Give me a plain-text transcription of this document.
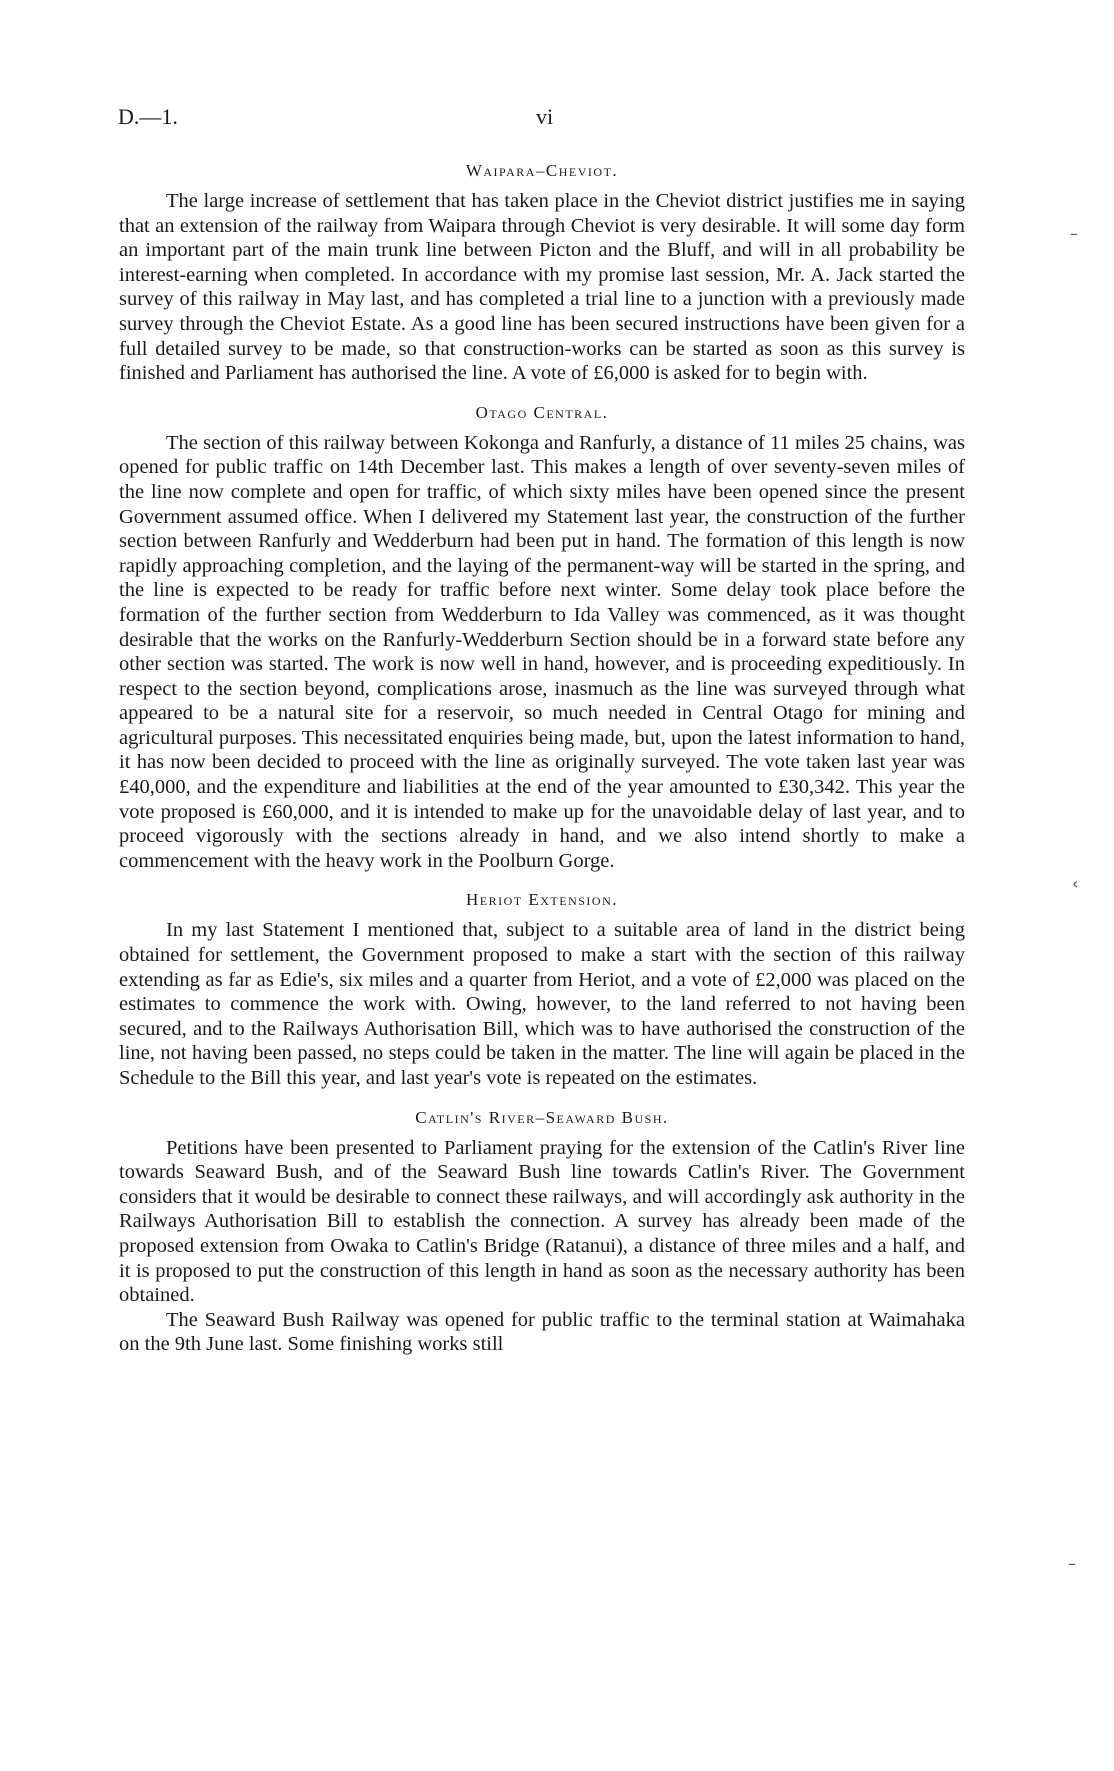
D.—1.	vi
Waipara–Cheviot.

The large increase of settlement that has taken place in the Cheviot district justifies me in saying that an extension of the railway from Waipara through Cheviot is very desirable. It will some day form an important part of the main trunk line between Picton and the Bluff, and will in all probability be interest-earning when completed. In accordance with my promise last session, Mr. A. Jack started the survey of this railway in May last, and has completed a trial line to a junction with a previously made survey through the Cheviot Estate. As a good line has been secured instructions have been given for a full detailed survey to be made, so that construction-works can be started as soon as this survey is finished and Parliament has authorised the line. A vote of £6,000 is asked for to begin with.

Otago Central.

The section of this railway between Kokonga and Ranfurly, a distance of 11 miles 25 chains, was opened for public traffic on 14th December last. This makes a length of over seventy-seven miles of the line now complete and open for traffic, of which sixty miles have been opened since the present Government assumed office. When I delivered my Statement last year, the construction of the further section between Ranfurly and Wedderburn had been put in hand. The formation of this length is now rapidly approaching completion, and the laying of the permanent-way will be started in the spring, and the line is expected to be ready for traffic before next winter. Some delay took place before the formation of the further section from Wedderburn to Ida Valley was commenced, as it was thought desirable that the works on the Ranfurly-Wedderburn Section should be in a forward state before any other section was started. The work is now well in hand, however, and is proceeding expeditiously. In respect to the section beyond, complications arose, inasmuch as the line was surveyed through what appeared to be a natural site for a reservoir, so much needed in Central Otago for mining and agricultural purposes. This necessitated enquiries being made, but, upon the latest information to hand, it has now been decided to proceed with the line as originally surveyed. The vote taken last year was £40,000, and the expenditure and liabilities at the end of the year amounted to £30,342. This year the vote proposed is £60,000, and it is intended to make up for the unavoidable delay of last year, and to proceed vigorously with the sections already in hand, and we also intend shortly to make a commencement with the heavy work in the Poolburn Gorge.

Heriot Extension.

In my last Statement I mentioned that, subject to a suitable area of land in the district being obtained for settlement, the Government proposed to make a start with the section of this railway extending as far as Edie's, six miles and a quarter from Heriot, and a vote of £2,000 was placed on the estimates to commence the work with. Owing, however, to the land referred to not having been secured, and to the Railways Authorisation Bill, which was to have authorised the construction of the line, not having been passed, no steps could be taken in the matter. The line will again be placed in the Schedule to the Bill this year, and last year's vote is repeated on the estimates.

Catlin's River–Seaward Bush.

Petitions have been presented to Parliament praying for the extension of the Catlin's River line towards Seaward Bush, and of the Seaward Bush line towards Catlin's River. The Government considers that it would be desirable to connect these railways, and will accordingly ask authority in the Railways Authorisation Bill to establish the connection. A survey has already been made of the proposed extension from Owaka to Catlin's Bridge (Ratanui), a distance of three miles and a half, and it is proposed to put the construction of this length in hand as soon as the necessary authority has been obtained.

The Seaward Bush Railway was opened for public traffic to the terminal station at Waimahaka on the 9th June last. Some finishing works still

–
‹
–
